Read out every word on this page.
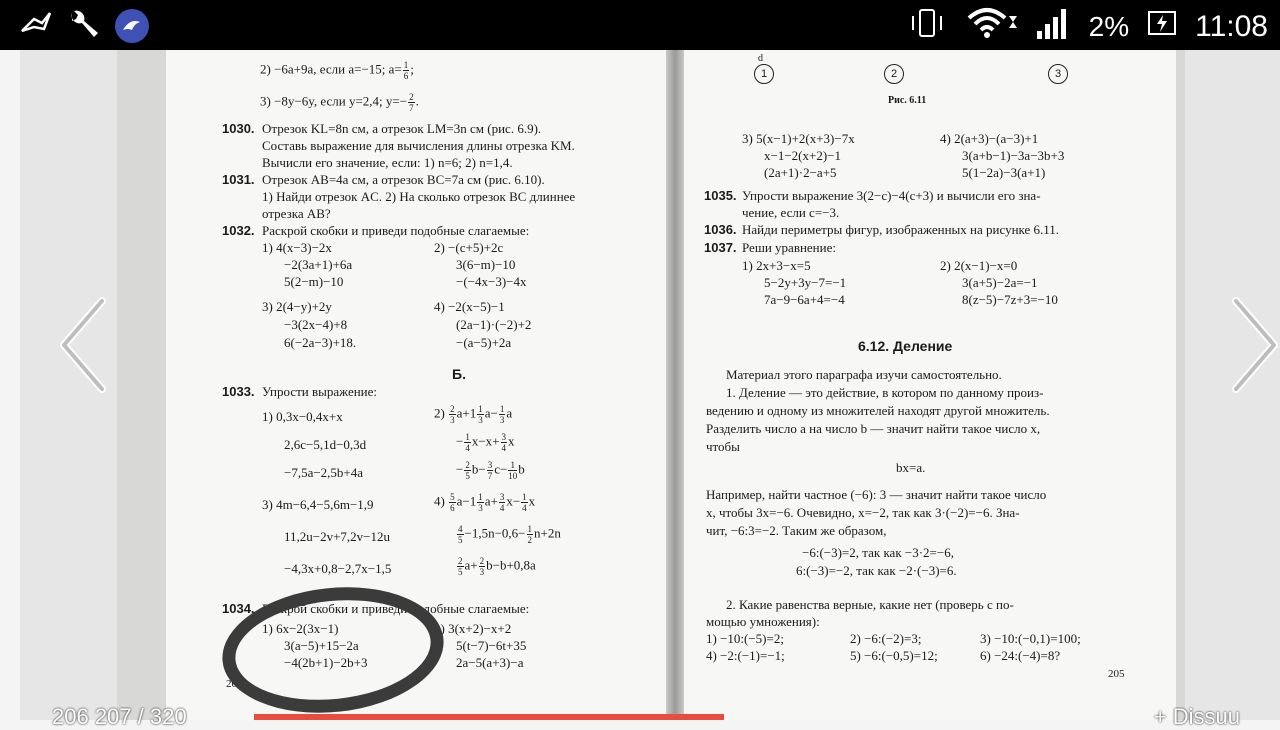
2% 11:08
2) −6a+9a, если a=−15; $a= \frac{1}{6}$ ;
3) −8y−6y, если y=2,4; $y=- \frac{2}{7}$ .
1030. Отрезок KL=8n см, а отрезок LM=3n см (рис. 6.9).
Составь выражение для вычисления длины отрезка KM.
Вычисли его значение, если: 1) n=6; 2) n=1,4.
1031. Отрезок AB=4a см, а отрезок BC=7a см (рис. 6.10).
1) Найди отрезок AC. 2) На сколько отрезок BC длиннее
отрезка AB?
1032. Раскрой скобки и приведи подобные слагаемые:
1) 4(x−3)−2x	2) −(c+5)+2c
−2(3a+1)+6a	3(6−m)−10
5(2−m)−10	−(−4x−3)−4x
3) 2(4−y)+2y	4) −2(x−5)−1
−3(2x−4)+8	(2a−1)·(−2)+2
6(−2a−3)+18.	−(a−5)+2a
Б.
1033. Упрости выражение:
1) 0,3x−0,4x+x	$2) \frac{2}{3} a+1 \frac{1}{3} a- \frac{1}{3}$ a
2,6c−5,1d−0,3d	− $\frac{1}{4} x-x+ \frac{3}{4}$ x
−7,5a−2,5b+4a	− $\frac{2}{5} b- \frac{3}{7} c- \frac{1}{10}$ b
3) 4m−6,4−5,6m−1,9	$4) \frac{5}{6} a-1 \frac{1}{3} a+ \frac{3}{4} x- \frac{1}{4}$ x
11,2u−2v+7,2v−12u	$\frac{4}{5} -1,5n-0,6- \frac{1}{2} n+2n$
−4,3x+0,8−2,7x−1,5	$\frac{2}{5} a+ \frac{2}{3} b-b+0,8a$
1034. Раскрой скобки и приведи подобные слагаемые:
1) 6x−2(3x−1)	2) 3(x+2)−x+2
3(a−5)+15−2a	5(t−7)−6t+35
−4(2b+1)−2b+3	2a−5(a+3)−a
204
d
1	2	3
Рис. 6.11
3) 5(x−1)+2(x+3)−7x	4) 2(a+3)−(a−3)+1
x−1−2(x+2)−1	3(a+b−1)−3a−3b+3
(2a+1)·2−a+5	5(1−2a)−3(a+1)
1035. Упрости выражение 3(2−c)−4(c+3) и вычисли его зна-
чение, если c=−3.
1036. Найди периметры фигур, изображенных на рисунке 6.11.
1037. Реши уравнение:
1) 2x+3−x=5	2) 2(x−1)−x=0
5−2y+3y−7=−1	3(a+5)−2a=−1
7a−9−6a+4=−4	8(z−5)−7z+3=−10
6.12. Деление
Материал этого параграфа изучи самостоятельно.
1. Деление — это действие, в котором по данному произ-
ведению и одному из множителей находят другой множитель.
Разделить число a на число b — значит найти такое число x,
чтобы
bx=a.
Например, найти частное (−6): 3 — значит найти такое число
x, чтобы 3x=−6. Очевидно, x=−2, так как 3·(−2)=−6. Зна-
чит, −6:3=−2. Таким же образом,
−6:(−3)=2, так как −3·2=−6,
6:(−3)=−2, так как −2·(−3)=6.
2. Какие равенства верные, какие нет (проверь с по-
мощью умножения):
1) −10:(−5)=2;	2) −6:(−2)=3;	3) −10:(−0,1)=100;
4) −2:(−1)=−1;	5) −6:(−0,5)=12;	6) −24:(−4)=8?
205
206 207 / 320	+ Dissuu
